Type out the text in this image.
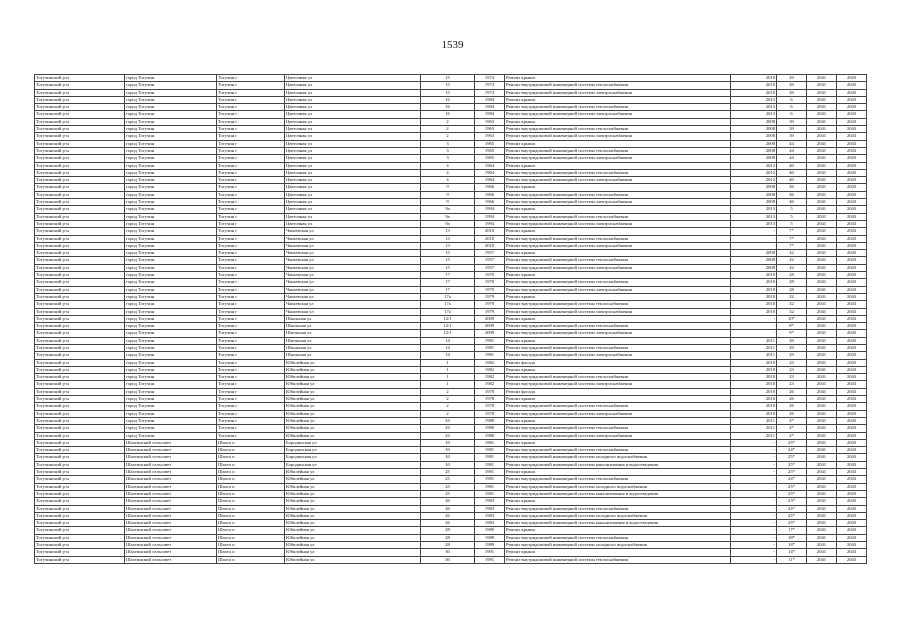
1539
Тогучинский р-н	город Тогучин	Тогучин г	Цветочная ул	15	1974	Ремонт крыши	2010	29	2041	2043
Тогучинский р-н	город Тогучин	Тогучин г	Цветочная ул	15	1974	Ремонт внутридомовой инженерной системы теплоснабжения	2010	29	2041	2043
Тогучинский р-н	город Тогучин	Тогучин г	Цветочная ул	15	1974	Ремонт внутридомовой инженерной системы электроснабжения	2010	29	2041	2043
Тогучинский р-н	город Тогучин	Тогучин г	Цветочная ул	16	1984	Ремонт крыши	2013	6	2041	2043
Тогучинский р-н	город Тогучин	Тогучин г	Цветочная ул	16	1984	Ремонт внутридомовой инженерной системы теплоснабжения	2013	6	2041	2043
Тогучинский р-н	город Тогучин	Тогучин г	Цветочная ул	16	1984	Ремонт внутридомовой инженерной системы электроснабжения	2013	6	2041	2043
Тогучинский р-н	город Тогучин	Тогучин г	Цветочная ул	2	1963	Ремонт крыши	2008	39	2041	2043
Тогучинский р-н	город Тогучин	Тогучин г	Цветочная ул	2	1963	Ремонт внутридомовой инженерной системы теплоснабжения	2008	39	2041	2043
Тогучинский р-н	город Тогучин	Тогучин г	Цветочная ул	2	1963	Ремонт внутридомовой инженерной системы электроснабжения	2008	39	2041	2043
Тогучинский р-н	город Тогучин	Тогучин г	Цветочная ул	3	1965	Ремонт крыши	2008	44	2041	2043
Тогучинский р-н	город Тогучин	Тогучин г	Цветочная ул	3	1965	Ремонт внутридомовой инженерной системы теплоснабжения	2008	44	2041	2043
Тогучинский р-н	город Тогучин	Тогучин г	Цветочная ул	3	1965	Ремонт внутридомовой инженерной системы электроснабжения	2008	44	2041	2043
Тогучинский р-н	город Тогучин	Тогучин г	Цветочная ул	4	1964	Ремонт крыши	2012	40	2041	2043
Тогучинский р-н	город Тогучин	Тогучин г	Цветочная ул	4	1964	Ремонт внутридомовой инженерной системы теплоснабжения	2012	40	2041	2043
Тогучинский р-н	город Тогучин	Тогучин г	Цветочная ул	4	1964	Ремонт внутридомовой инженерной системы электроснабжения	2012	40	2041	2043
Тогучинский р-н	город Тогучин	Тогучин г	Цветочная ул	9	1966	Ремонт крыши	2008	46	2041	2043
Тогучинский р-н	город Тогучин	Тогучин г	Цветочная ул	9	1966	Ремонт внутридомовой инженерной системы теплоснабжения	2008	46	2041	2043
Тогучинский р-н	город Тогучин	Тогучин г	Цветочная ул	9	1966	Ремонт внутридомовой инженерной системы электроснабжения	2008	46	2041	2043
Тогучинский р-н	город Тогучин	Тогучин г	Цветочная ул	9а	1994	Ремонт крыши	2013	5	2041	2043
Тогучинский р-н	город Тогучин	Тогучин г	Цветочная ул	9а	1994	Ремонт внутридомовой инженерной системы теплоснабжения	2013	5	2041	2043
Тогучинский р-н	город Тогучин	Тогучин г	Цветочная ул	9а	1994	Ремонт внутридомовой инженерной системы электроснабжения	2013	5	2041	2043
Тогучинский р-н	город Тогучин	Тогучин г	Чапаевская ул	13	2010	Ремонт крыши	-	7*	2041	2043
Тогучинский р-н	город Тогучин	Тогучин г	Чапаевская ул	13	2010	Ремонт внутридомовой инженерной системы теплоснабжения	-	7*	2041	2043
Тогучинский р-н	город Тогучин	Тогучин г	Чапаевская ул	13	2010	Ремонт внутридомовой инженерной системы электроснабжения	-	7*	2041	2043
Тогучинский р-н	город Тогучин	Тогучин г	Чапаевская ул	15	1957	Ремонт крыши	2008	42	2041	2043
Тогучинский р-н	город Тогучин	Тогучин г	Чапаевская ул	15	1957	Ремонт внутридомовой инженерной системы теплоснабжения	2008	42	2041	2043
Тогучинский р-н	город Тогучин	Тогучин г	Чапаевская ул	15	1957	Ремонт внутридомовой инженерной системы электроснабжения	2008	42	2041	2043
Тогучинский р-н	город Тогучин	Тогучин г	Чапаевская ул	17	1970	Ремонт крыши	2010	28	2041	2043
Тогучинский р-н	город Тогучин	Тогучин г	Чапаевская ул	17	1970	Ремонт внутридомовой инженерной системы теплоснабжения	2010	28	2041	2043
Тогучинский р-н	город Тогучин	Тогучин г	Чапаевская ул	17	1970	Ремонт внутридомовой инженерной системы электроснабжения	2010	28	2041	2043
Тогучинский р-н	город Тогучин	Тогучин г	Чапаевская ул	17а	1979	Ремонт крыши	2010	32	2041	2043
Тогучинский р-н	город Тогучин	Тогучин г	Чапаевская ул	17а	1979	Ремонт внутридомовой инженерной системы теплоснабжения	2010	32	2041	2043
Тогучинский р-н	город Тогучин	Тогучин г	Чапаевская ул	17а	1979	Ремонт внутридомовой инженерной системы электроснабжения	2010	32	2041	2043
Тогучинский р-н	город Тогучин	Тогучин г	Школьная ул	12/1	2009	Ремонт крыши	-	10*	2041	2043
Тогучинский р-н	город Тогучин	Тогучин г	Школьная ул	12/1	2009	Ремонт внутридомовой инженерной системы теплоснабжения	-	8*	2041	2043
Тогучинский р-н	город Тогучин	Тогучин г	Школьная ул	12/1	2009	Ремонт внутридомовой инженерной системы электроснабжения	-	9*	2041	2043
Тогучинский р-н	город Тогучин	Тогучин г	Школьная ул	14	1981	Ремонт крыши	2011	29	2041	2043
Тогучинский р-н	город Тогучин	Тогучин г	Школьная ул	14	1981	Ремонт внутридомовой инженерной системы теплоснабжения	2011	29	2041	2043
Тогучинский р-н	город Тогучин	Тогучин г	Школьная ул	14	1981	Ремонт внутридомовой инженерной системы электроснабжения	2011	29	2041	2043
Тогучинский р-н	город Тогучин	Тогучин г	Юбилейная ул	1	1982	Ремонт фасада	2010	23	2041	2043
Тогучинский р-н	город Тогучин	Тогучин г	Юбилейная ул	1	1982	Ремонт крыши	2010	23	2041	2043
Тогучинский р-н	город Тогучин	Тогучин г	Юбилейная ул	1	1982	Ремонт внутридомовой инженерной системы теплоснабжения	2010	23	2041	2043
Тогучинский р-н	город Тогучин	Тогучин г	Юбилейная ул	1	1982	Ремонт внутридомовой инженерной системы электроснабжения	2010	23	2041	2043
Тогучинский р-н	город Тогучин	Тогучин г	Юбилейная ул	2	1978	Ремонт фасада	2010	26	2041	2043
Тогучинский р-н	город Тогучин	Тогучин г	Юбилейная ул	2	1978	Ремонт крыши	2010	26	2041	2043
Тогучинский р-н	город Тогучин	Тогучин г	Юбилейная ул	2	1978	Ремонт внутридомовой инженерной системы теплоснабжения	2010	26	2041	2043
Тогучинский р-н	город Тогучин	Тогучин г	Юбилейная ул	2	1978	Ремонт внутридомовой инженерной системы электроснабжения	2010	26	2041	2043
Тогучинский р-н	город Тогучин	Тогучин г	Юбилейная ул	2б	1980	Ремонт крыши	2011	2*	2041	2043
Тогучинский р-н	город Тогучин	Тогучин г	Юбилейная ул	2б	1980	Ремонт внутридомовой инженерной системы теплоснабжения	2011	2*	2041	2043
Тогучинский р-н	город Тогучин	Тогучин г	Юбилейная ул	2б	1980	Ремонт внутридомовой инженерной системы электроснабжения	2011	2*	2041	2043
Тогучинский р-н	Шахтинский сельсовет	Шахта п	Бородинская ул	10	1981	Ремонт крыши	-	25*	2041	2043
Тогучинский р-н	Шахтинский сельсовет	Шахта п	Бородинская ул	10	1981	Ремонт внутридомовой инженерной системы теплоснабжения	-	24*	2041	2043
Тогучинский р-н	Шахтинский сельсовет	Шахта п	Бородинская ул	10	1981	Ремонт внутридомовой инженерной системы холодного водоснабжения	-	25*	2041	2043
Тогучинский р-н	Шахтинский сельсовет	Шахта п	Бородинская ул	10	1981	Ремонт внутридомовой инженерной системы канализования и водоотведения	-	25*	2041	2043
Тогучинский р-н	Шахтинский сельсовет	Шахта п	Юбилейная ул	25	1981	Ремонт крыши	-	25*	2041	2043
Тогучинский р-н	Шахтинский сельсовет	Шахта п	Юбилейная ул	25	1981	Ремонт внутридомовой инженерной системы теплоснабжения	-	24*	2041	2043
Тогучинский р-н	Шахтинский сельсовет	Шахта п	Юбилейная ул	25	1981	Ремонт внутридомовой инженерной системы холодного водоснабжения	-	25*	2041	2043
Тогучинский р-н	Шахтинский сельсовет	Шахта п	Юбилейная ул	25	1981	Ремонт внутридомовой инженерной системы канализования и водоотведения	-	25*	2041	2043
Тогучинский р-н	Шахтинский сельсовет	Шахта п	Юбилейная ул	26	1983	Ремонт крыши	-	23*	2041	2043
Тогучинский р-н	Шахтинский сельсовет	Шахта п	Юбилейная ул	26	1983	Ремонт внутридомовой инженерной системы теплоснабжения	-	24*	2041	2043
Тогучинский р-н	Шахтинский сельсовет	Шахта п	Юбилейная ул	26	1983	Ремонт внутридомовой инженерной системы холодного водоснабжения	-	25*	2041	2043
Тогучинский р-н	Шахтинский сельсовет	Шахта п	Юбилейная ул	26	1983	Ремонт внутридомовой инженерной системы канализования и водоотведения	-	25*	2041	2043
Тогучинский р-н	Шахтинский сельсовет	Шахта п	Юбилейная ул	28	1989	Ремонт крыши	-	17*	2041	2043
Тогучинский р-н	Шахтинский сельсовет	Шахта п	Юбилейная ул	28	1989	Ремонт внутридомовой инженерной системы теплоснабжения	-	18*	2041	2043
Тогучинский р-н	Шахтинский сельсовет	Шахта п	Юбилейная ул	28	1989	Ремонт внутридомовой инженерной системы холодного водоснабжения	-	18*	2041	2043
Тогучинский р-н	Шахтинский сельсовет	Шахта п	Юбилейная ул	30	1991	Ремонт крыши	-	14*	2041	2043
Тогучинский р-н	Шахтинский сельсовет	Шахта п	Юбилейная ул	30	1991	Ремонт внутридомовой инженерной системы теплоснабжения	-	11*	2041	2043
